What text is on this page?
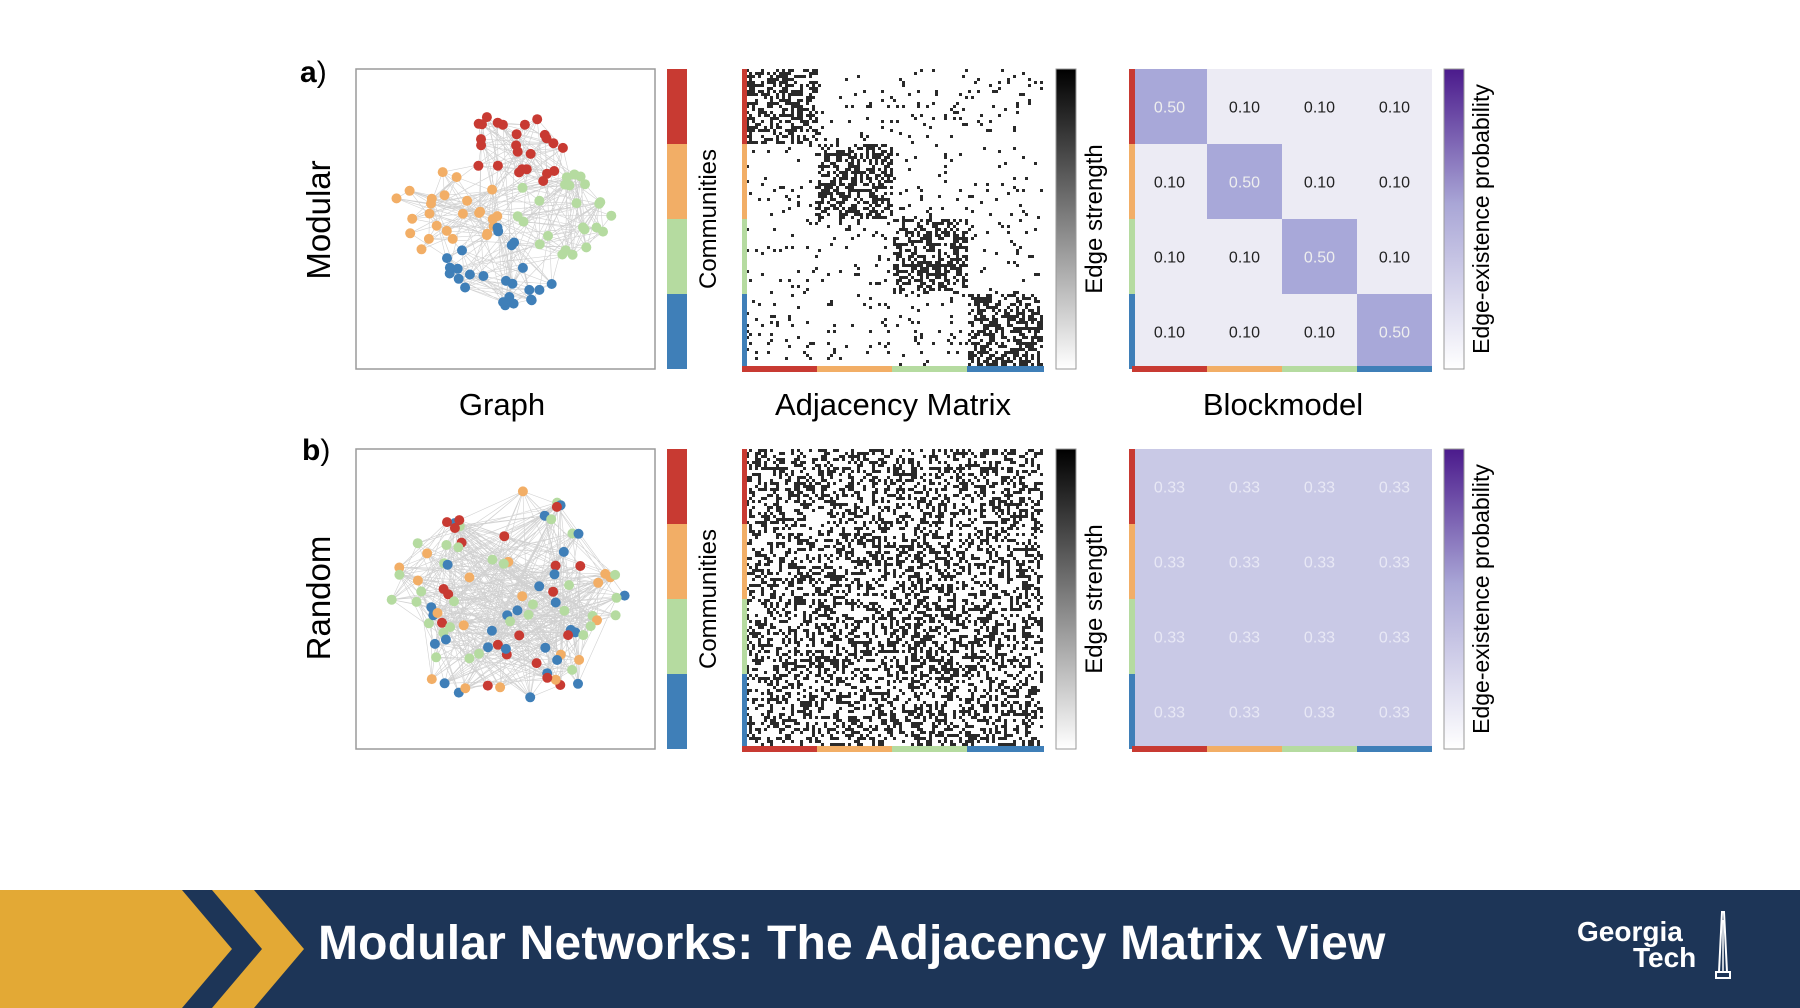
a)
b)
Modular
Random
Graph	Adjacency Matrix	Blockmodel
Communities
Communities
Edge strength
Edge strength
0.50	0.10	0.10	0.10
0.10	0.50	0.10	0.10
0.10	0.10	0.50	0.10
0.10	0.10	0.10	0.50
0.33	0.33	0.33	0.33
0.33	0.33	0.33	0.33
0.33	0.33	0.33	0.33
0.33	0.33	0.33	0.33
Edge-existence probability
Edge-existence probability
Modular Networks: The Adjacency Matrix View	Georgia
Tech
